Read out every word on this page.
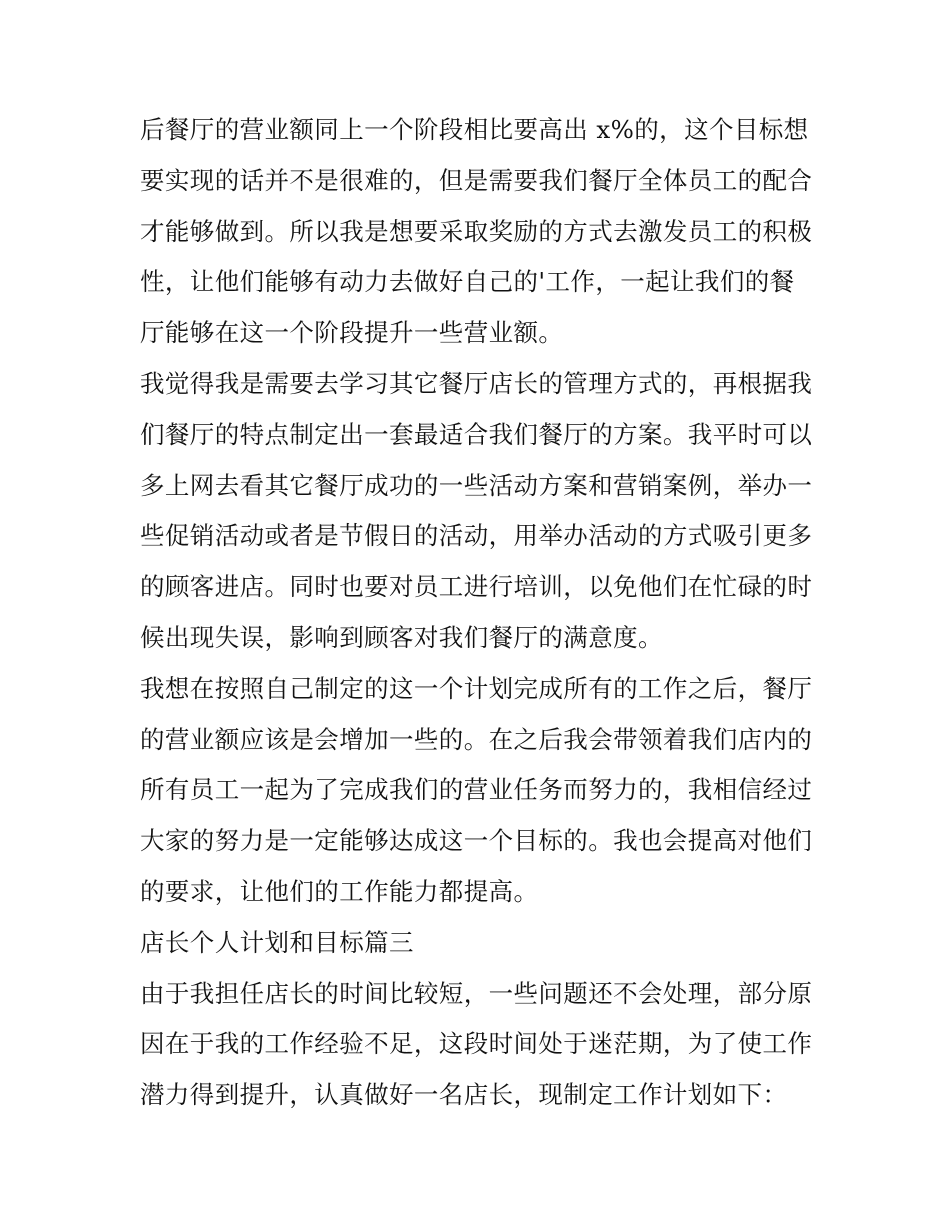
后餐厅的营业额同上一个阶段相比要高出 x%的，这个目标想
要实现的话并不是很难的，但是需要我们餐厅全体员工的配合
才能够做到。所以我是想要采取奖励的方式去激发员工的积极
性，让他们能够有动力去做好自己的'工作，一起让我们的餐
厅能够在这一个阶段提升一些营业额。
我觉得我是需要去学习其它餐厅店长的管理方式的，再根据我
们餐厅的特点制定出一套最适合我们餐厅的方案。我平时可以
多上网去看其它餐厅成功的一些活动方案和营销案例，举办一
些促销活动或者是节假日的活动，用举办活动的方式吸引更多
的顾客进店。同时也要对员工进行培训，以免他们在忙碌的时
候出现失误，影响到顾客对我们餐厅的满意度。
我想在按照自己制定的这一个计划完成所有的工作之后，餐厅
的营业额应该是会增加一些的。在之后我会带领着我们店内的
所有员工一起为了完成我们的营业任务而努力的，我相信经过
大家的努力是一定能够达成这一个目标的。我也会提高对他们
的要求，让他们的工作能力都提高。
店长个人计划和目标篇三
由于我担任店长的时间比较短，一些问题还不会处理，部分原
因在于我的工作经验不足，这段时间处于迷茫期，为了使工作
潜力得到提升，认真做好一名店长，现制定工作计划如下：
